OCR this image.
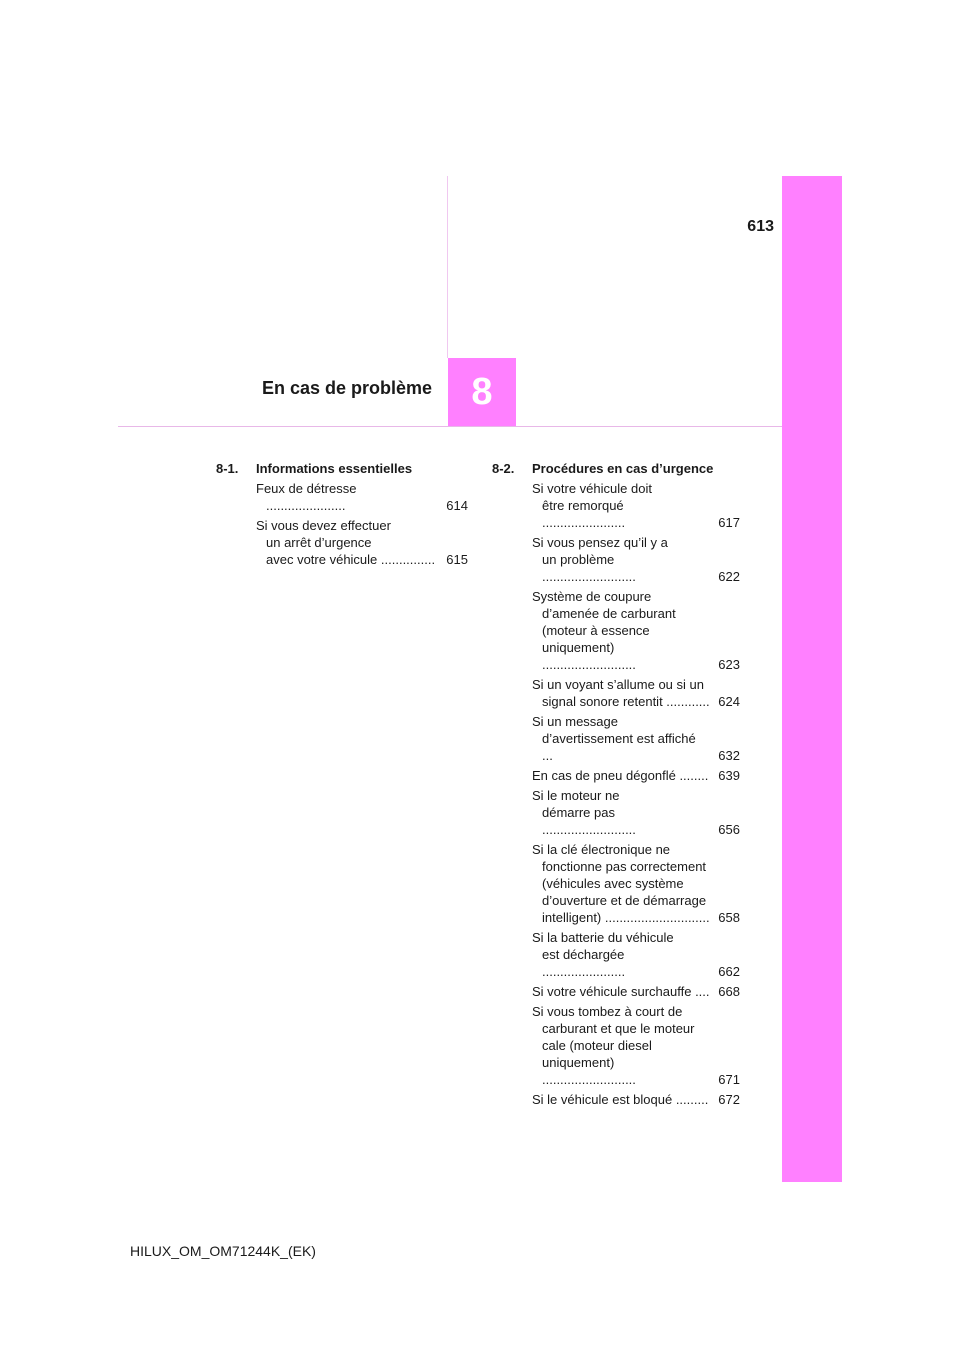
613
En cas de problème	8
8-1.	Informations essentielles
Feux de détresse ......................	614
Si vous devez effectuer
un arrêt d’urgence
avec votre véhicule ............... 615
8-2.	Procédures en cas d’urgence
Si votre véhicule doit
être remorqué .......................	617
Si vous pensez qu’il y a
un problème ..........................	622
Système de coupure
d’amenée de carburant
(moteur à essence
uniquement) ..........................	623
Si un voyant s’allume ou si un
signal sonore retentit ............ 624
Si un message
d’avertissement est affiché ...	632
En cas de pneu dégonflé ........ 639
Si le moteur ne
démarre pas ..........................	656
Si la clé électronique ne
fonctionne pas correctement
(véhicules avec système
d’ouverture et de démarrage
intelligent) ............................. 658
Si la batterie du véhicule
est déchargée .......................	662
Si votre véhicule surchauffe .... 668
Si vous tombez à court de
carburant et que le moteur
cale (moteur diesel
uniquement) ..........................	671
Si le véhicule est bloqué ......... 672
HILUX_OM_OM71244K_(EK)
